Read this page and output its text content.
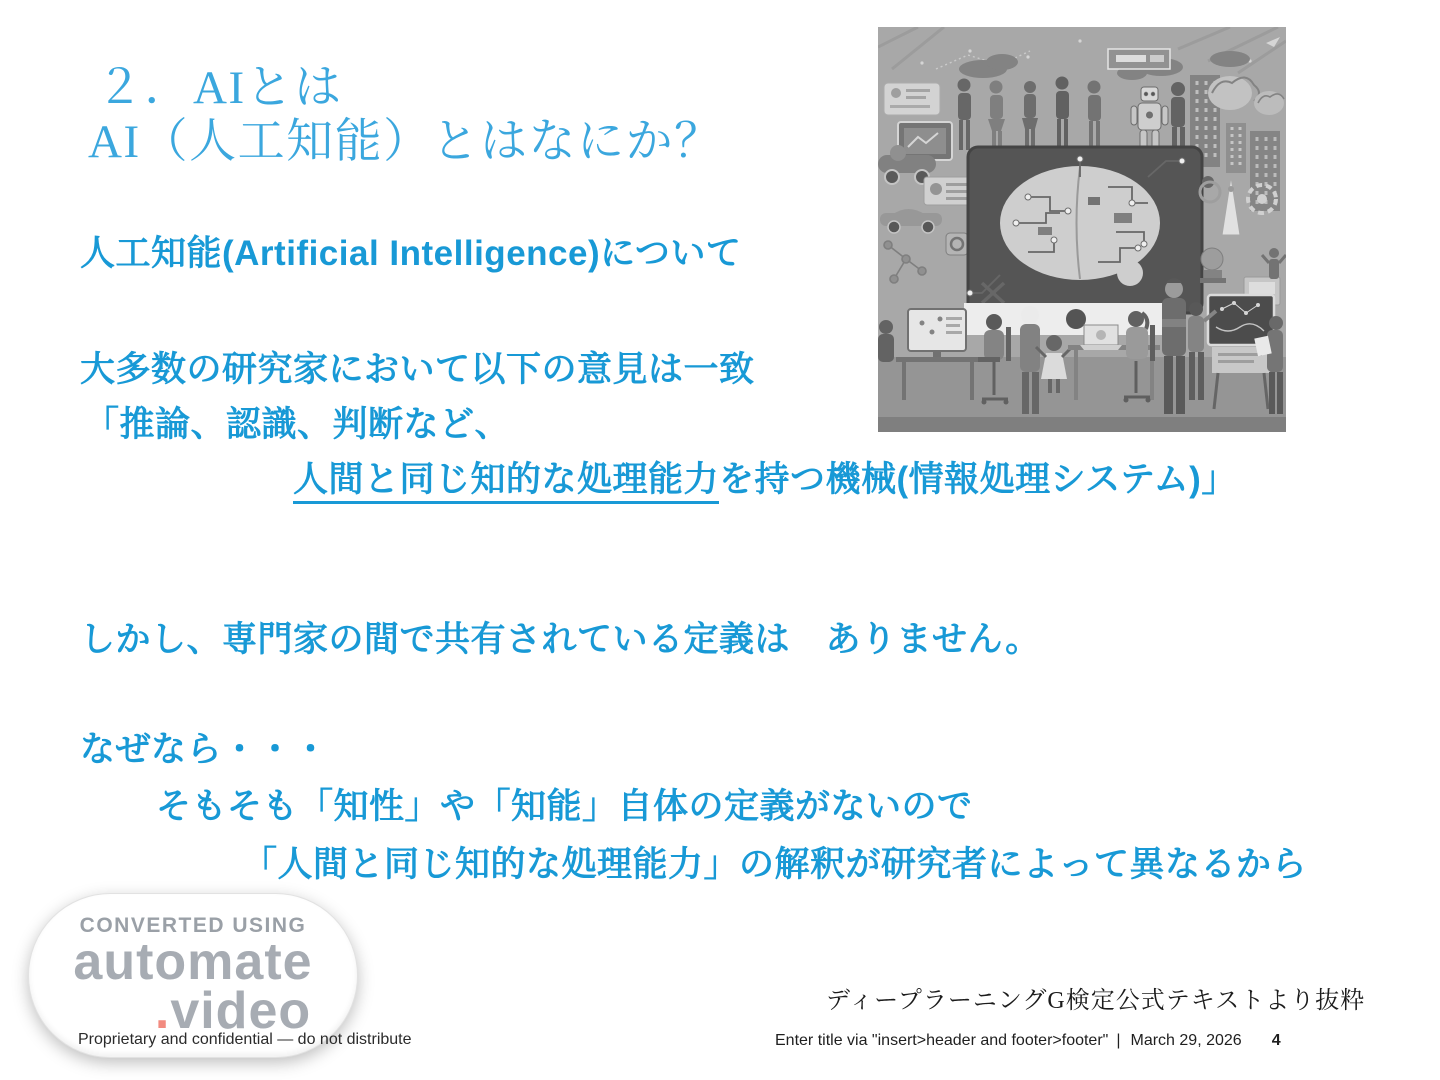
２．AIとは
AI（人工知能）とはなにか？
人工知能(Artificial Intelligence)について
大多数の研究家において以下の意見は一致
「推論、認識、判断など、
人間と同じ知的な処理能力を持つ機械(情報処理システム)」
しかし、専門家の間で共有されている定義は　ありません。
なぜなら・・・
そもそも「知性」や「知能」自体の定義がないので
「人間と同じ知的な処理能力」の解釈が研究者によって異なるから
ディープラーニングG検定公式テキストより抜粋
CONVERTED USING
automate
.video
Proprietary and confidential — do not distribute	Enter title via "insert>header and footer>footer" | March 29, 2026 4
